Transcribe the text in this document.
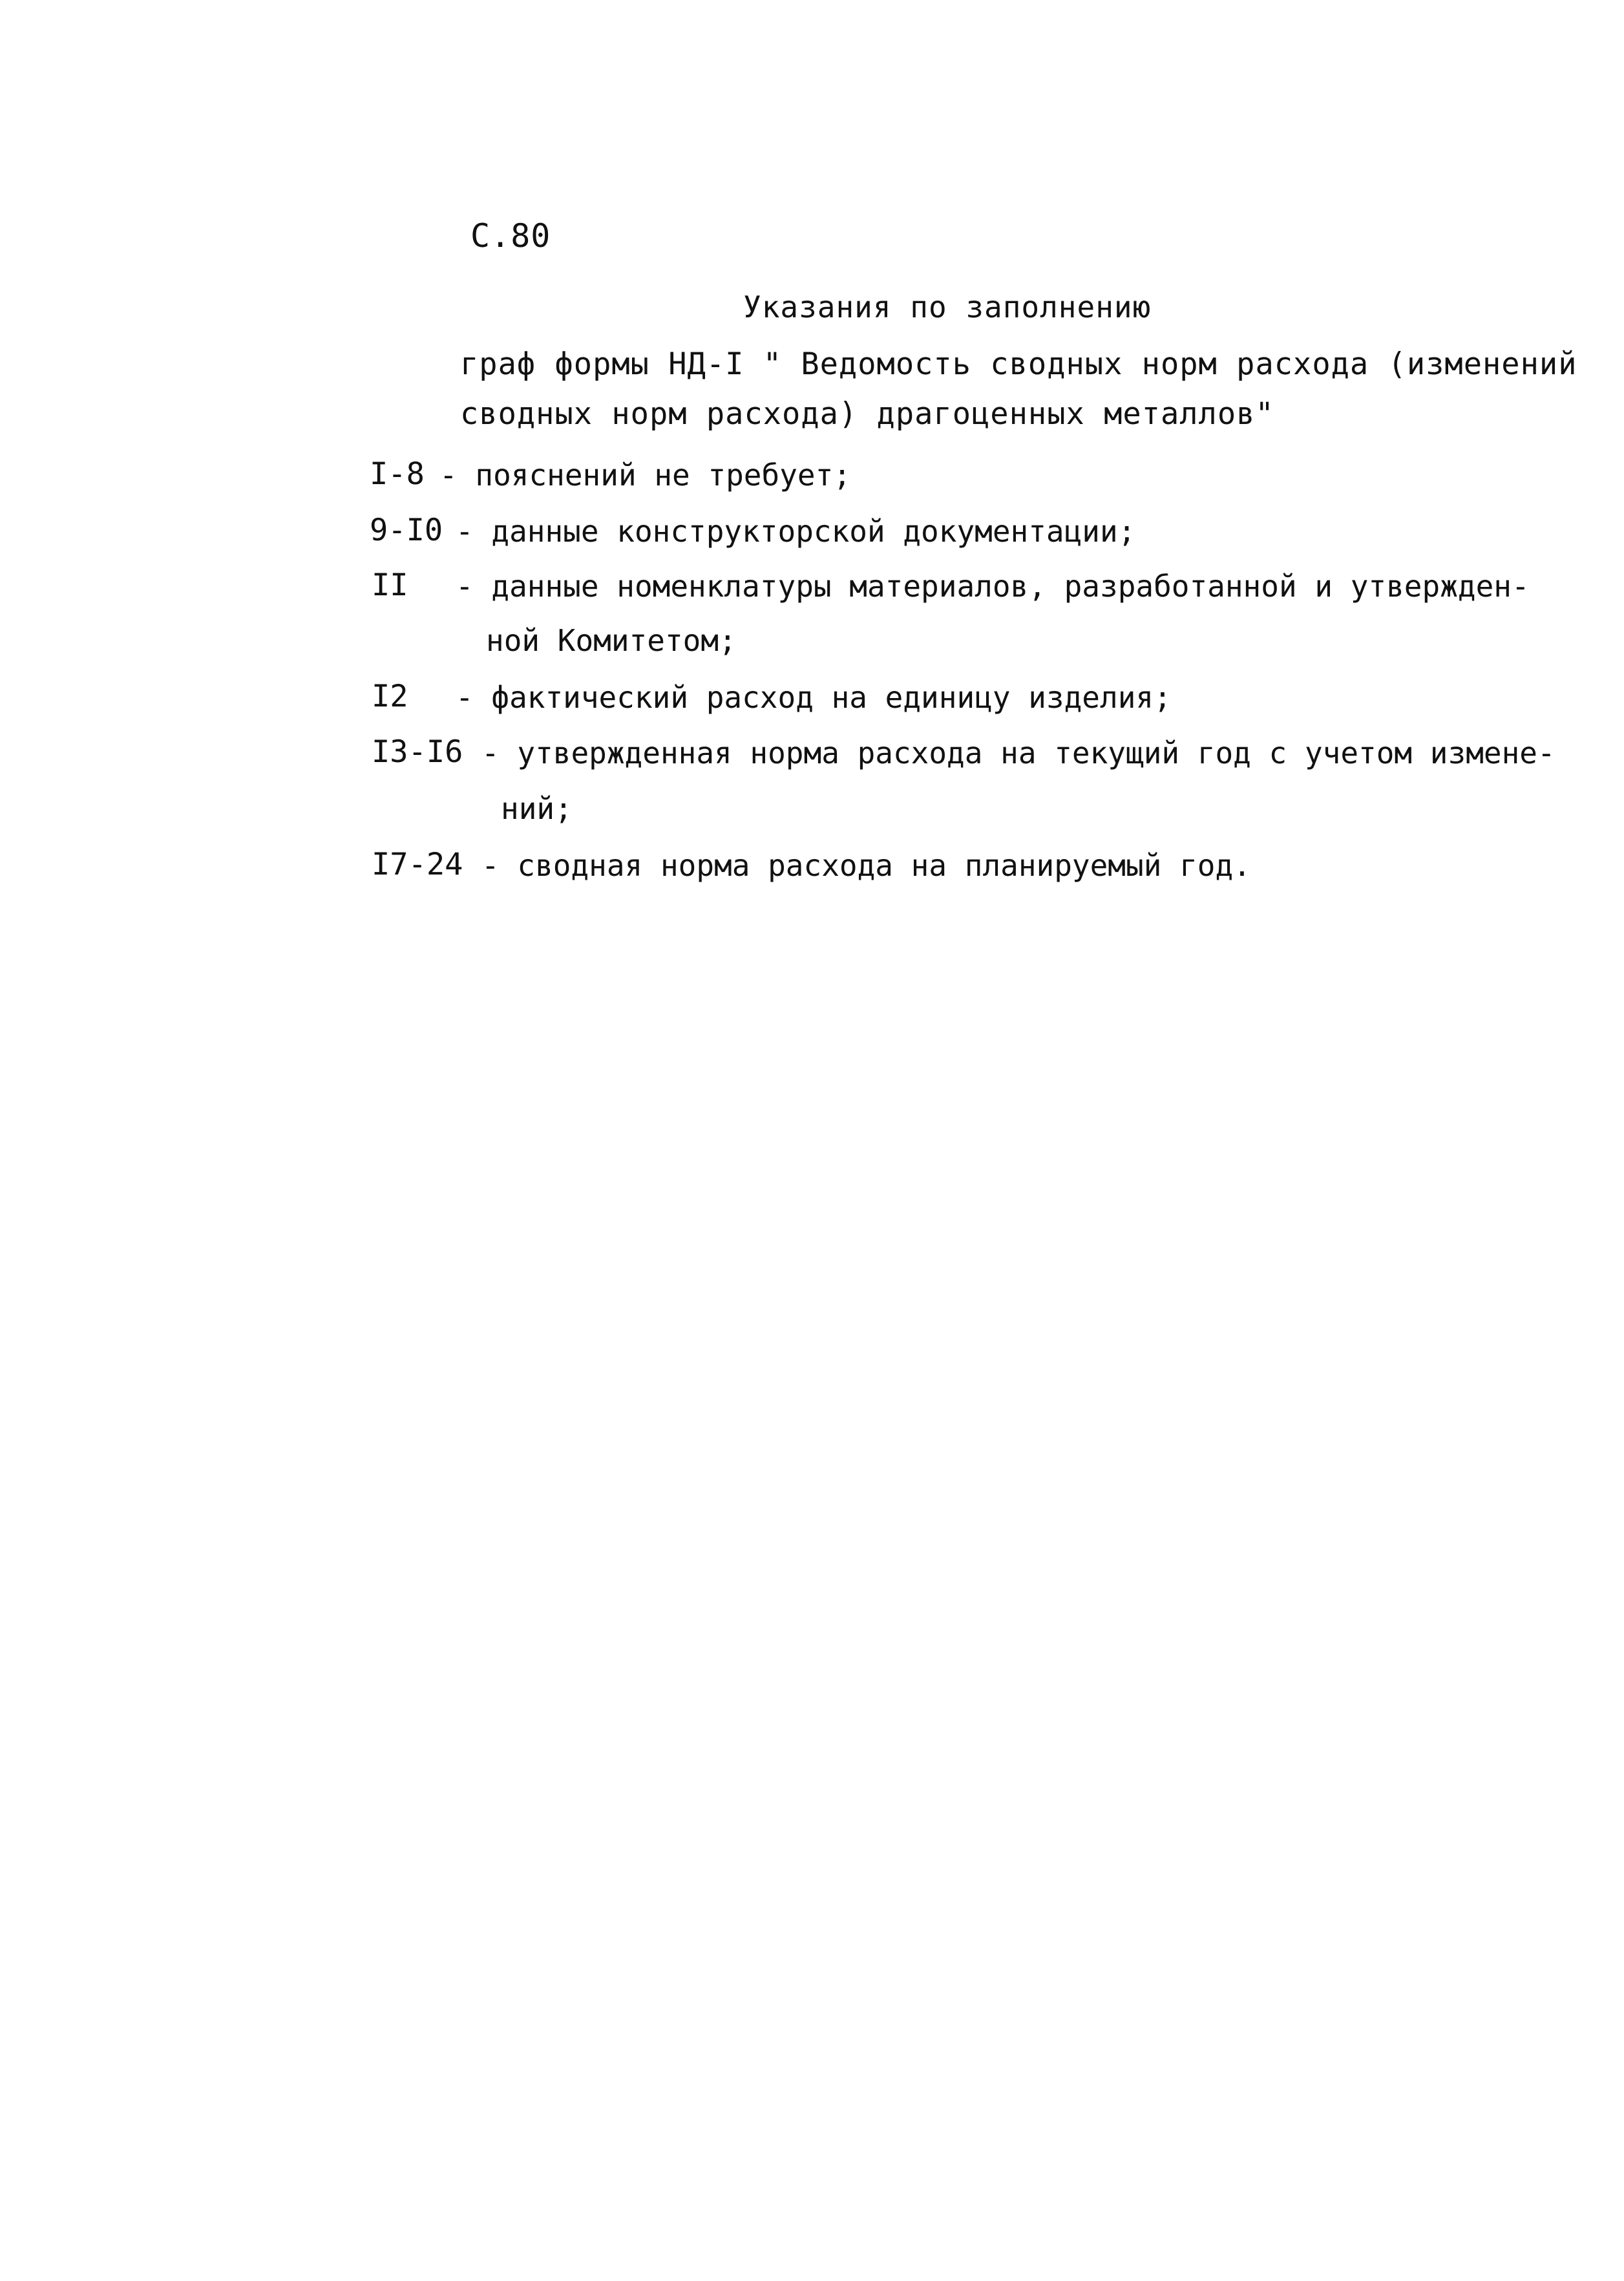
С.80
Указания по заполнению
граф формы НД-I " Ведомость сводных норм расхода (изменений
сводных норм расхода) драгоценных металлов"
I-8 - пояснений не требует;
9-I0 - данные конструкторской документации;
II - данные номенклатуры материалов, разработанной и утвержден-
ной Комитетом;
I2 - фактический расход на единицу изделия;
I3-I6 - утвержденная норма расхода на текущий год с учетом измене-
ний;
I7-24 - сводная норма расхода на планируемый год.
